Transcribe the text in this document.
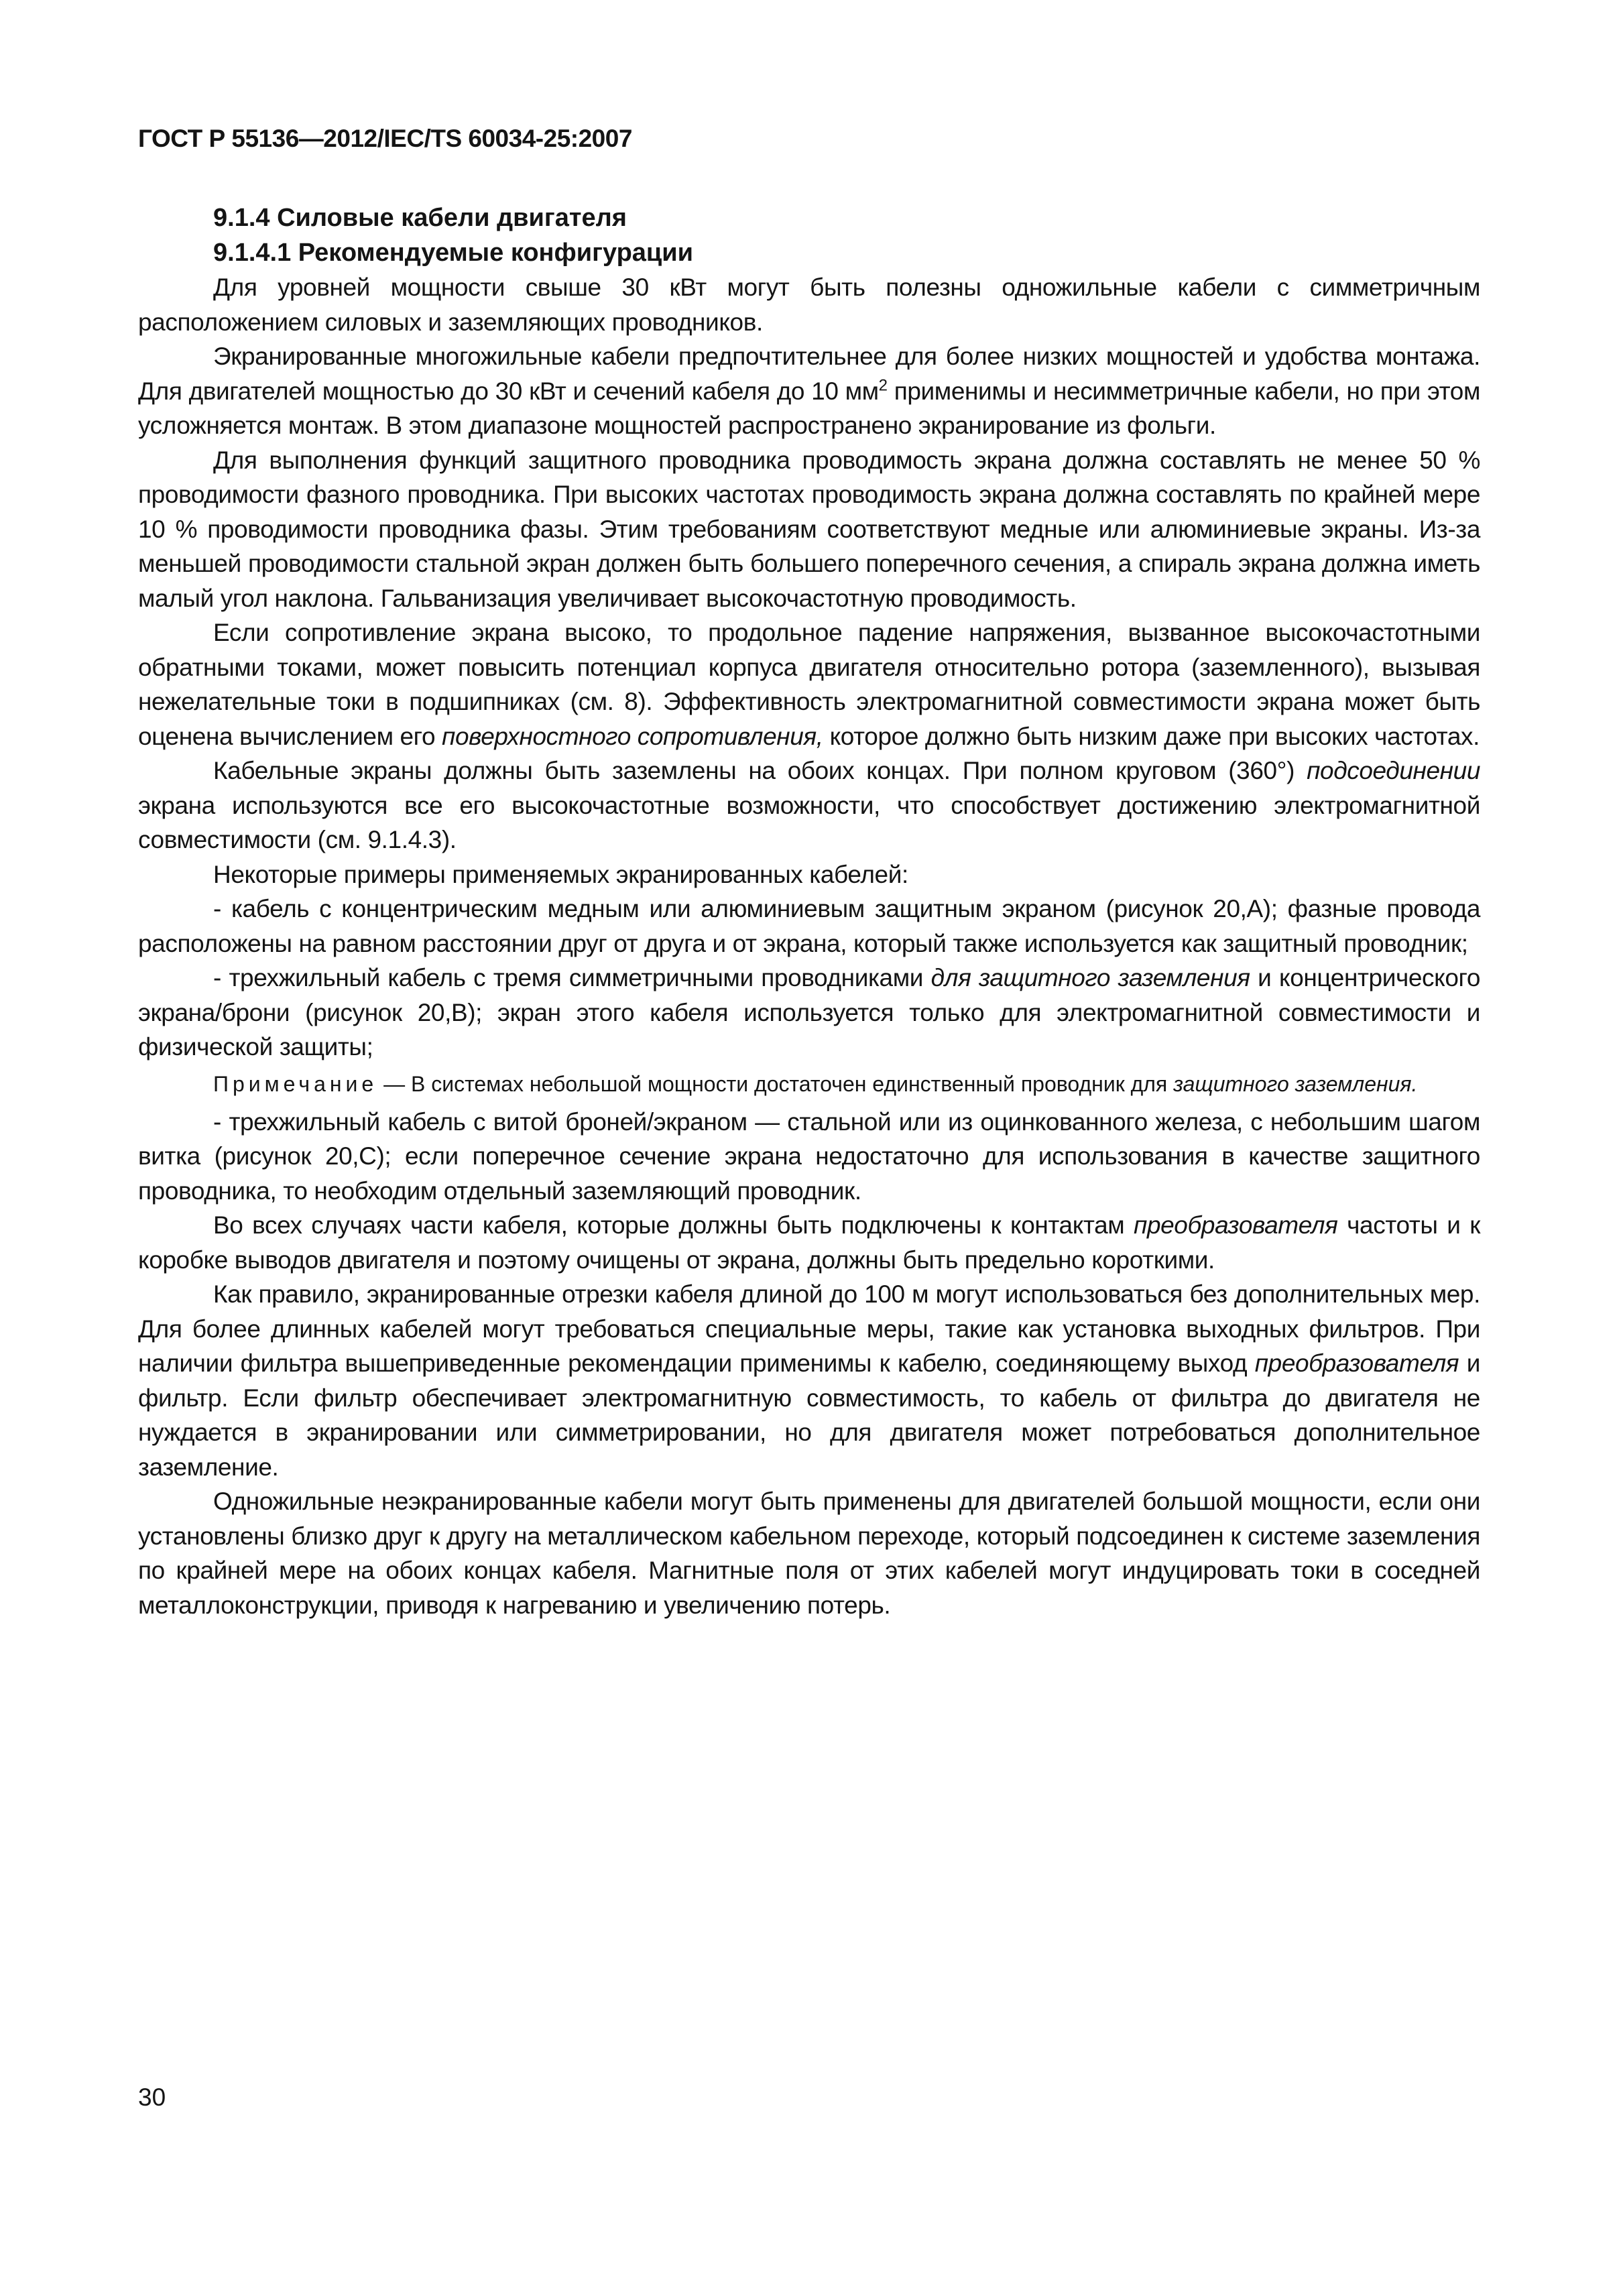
ГОСТ Р 55136—2012/IEC/TS 60034-25:2007

9.1.4 Силовые кабели двигателя

9.1.4.1 Рекомендуемые конфигурации

Для уровней мощности свыше 30 кВт могут быть полезны одножильные кабели с симметричным расположением силовых и заземляющих проводников.

Экранированные многожильные кабели предпочтительнее для более низких мощностей и удобства монтажа. Для двигателей мощностью до 30 кВт и сечений кабеля до 10 $мм^2$ применимы и несимметричные кабели, но при этом усложняется монтаж. В этом диапазоне мощностей распространено экранирование из фольги.

Для выполнения функций защитного проводника проводимость экрана должна составлять не менее 50 % проводимости фазного проводника. При высоких частотах проводимость экрана должна составлять по крайней мере 10 % проводимости проводника фазы. Этим требованиям соответствуют медные или алюминиевые экраны. Из-за меньшей проводимости стальной экран должен быть большего поперечного сечения, а спираль экрана должна иметь малый угол наклона. Гальванизация увеличивает высокочастотную проводимость.

Если сопротивление экрана высоко, то продольное падение напряжения, вызванное высокочастотными обратными токами, может повысить потенциал корпуса двигателя относительно ротора (заземленного), вызывая нежелательные токи в подшипниках (см. 8). Эффективность электромагнитной совместимости экрана может быть оценена вычислением его поверхностного сопротивления, которое должно быть низким даже при высоких частотах.

Кабельные экраны должны быть заземлены на обоих концах. При полном круговом (360°) подсоединении экрана используются все его высокочастотные возможности, что способствует достижению электромагнитной совместимости (см. 9.1.4.3).

Некоторые примеры применяемых экранированных кабелей:

- кабель с концентрическим медным или алюминиевым защитным экраном (рисунок 20,А); фазные провода расположены на равном расстоянии друг от друга и от экрана, который также используется как защитный проводник;

- трехжильный кабель с тремя симметричными проводниками для защитного заземления и концентрического экрана/брони (рисунок 20,В); экран этого кабеля используется только для электромагнитной совместимости и физической защиты;

Примечание — В системах небольшой мощности достаточен единственный проводник для защитного заземления.

- трехжильный кабель с витой броней/экраном — стальной или из оцинкованного железа, с небольшим шагом витка (рисунок 20,С); если поперечное сечение экрана недостаточно для использования в качестве защитного проводника, то необходим отдельный заземляющий проводник.

Во всех случаях части кабеля, которые должны быть подключены к контактам преобразователя частоты и к коробке выводов двигателя и поэтому очищены от экрана, должны быть предельно короткими.

Как правило, экранированные отрезки кабеля длиной до 100 м могут использоваться без дополнительных мер. Для более длинных кабелей могут требоваться специальные меры, такие как установка выходных фильтров. При наличии фильтра вышеприведенные рекомендации применимы к кабелю, соединяющему выход преобразователя и фильтр. Если фильтр обеспечивает электромагнитную совместимость, то кабель от фильтра до двигателя не нуждается в экранировании или симметрировании, но для двигателя может потребоваться дополнительное заземление.

Одножильные неэкранированные кабели могут быть применены для двигателей большой мощности, если они установлены близко друг к другу на металлическом кабельном переходе, который подсоединен к системе заземления по крайней мере на обоих концах кабеля. Магнитные поля от этих кабелей могут индуцировать токи в соседней металлоконструкции, приводя к нагреванию и увеличению потерь.

30
